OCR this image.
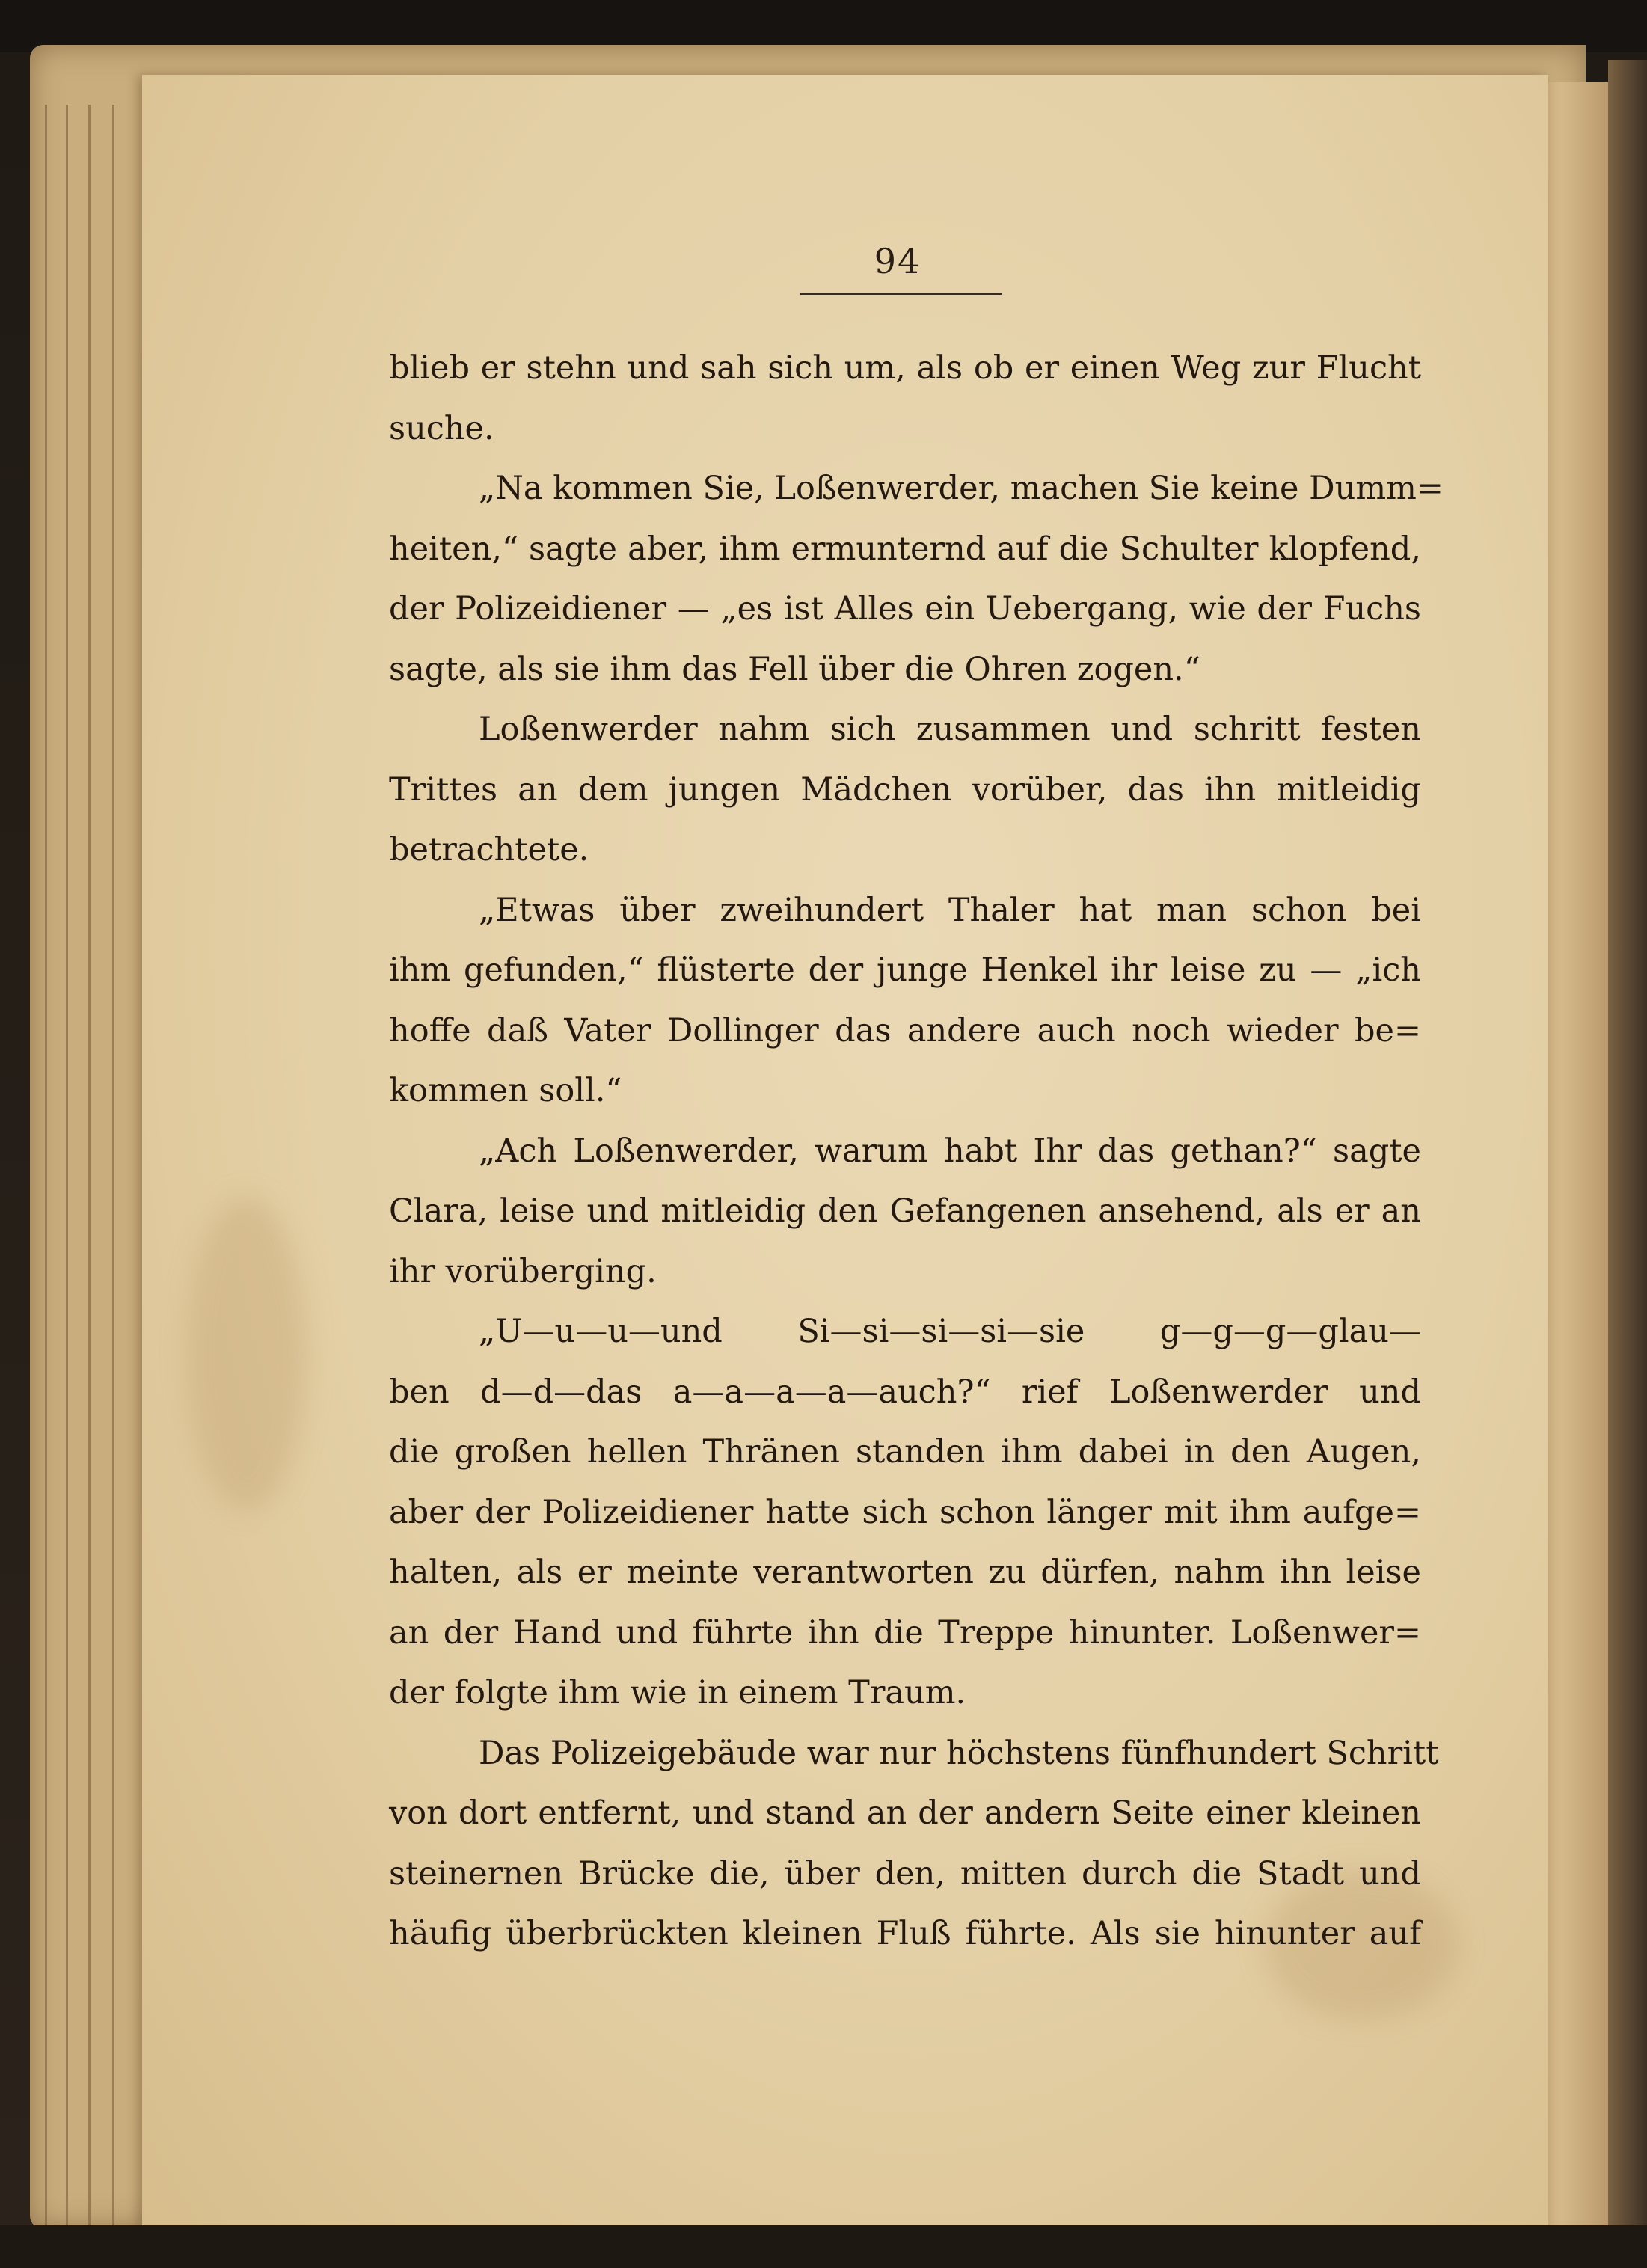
94
blieb er stehn und sah sich um, als ob er einen Weg zur Flucht
suche.
„Na kommen Sie, Loßenwerder, machen Sie keine Dumm=
heiten,“ sagte aber, ihm ermunternd auf die Schulter klopfend,
der Polizeidiener — „es ist Alles ein Uebergang, wie der Fuchs
sagte, als sie ihm das Fell über die Ohren zogen.“
Loßenwerder nahm sich zusammen und schritt festen
Trittes an dem jungen Mädchen vorüber, das ihn mitleidig
betrachtete.
„Etwas über zweihundert Thaler hat man schon bei
ihm gefunden,“ flüsterte der junge Henkel ihr leise zu — „ich
hoffe daß Vater Dollinger das andere auch noch wieder be=
kommen soll.“
„Ach Loßenwerder, warum habt Ihr das gethan?“ sagte
Clara, leise und mitleidig den Gefangenen ansehend, als er an
ihr vorüberging.
„U—u—u—und Si—si—si—si—sie g—g—g—glau—
ben d—d—das a—a—a—a—auch?“ rief Loßenwerder und
die großen hellen Thränen standen ihm dabei in den Augen,
aber der Polizeidiener hatte sich schon länger mit ihm aufge=
halten, als er meinte verantworten zu dürfen, nahm ihn leise
an der Hand und führte ihn die Treppe hinunter. Loßenwer=
der folgte ihm wie in einem Traum.
Das Polizeigebäude war nur höchstens fünfhundert Schritt
von dort entfernt, und stand an der andern Seite einer kleinen
steinernen Brücke die, über den, mitten durch die Stadt und
häufig überbrückten kleinen Fluß führte. Als sie hinunter auf
